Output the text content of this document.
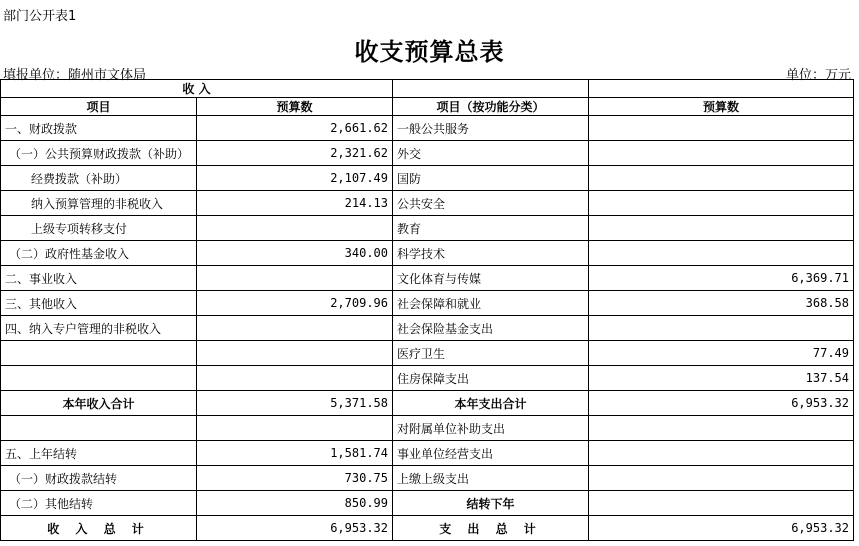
部门公开表1
收支预算总表
填报单位：随州市文体局	单位：万元
收 入			
项目	预算数	项目（按功能分类）	预算数
一、财政拨款	2,661.62	一般公共服务	
（一）公共预算财政拨款（补助）	2,321.62	外交	
经费拨款（补助）	2,107.49	国防	
纳入预算管理的非税收入	214.13	公共安全	
上级专项转移支付		教育	
（二）政府性基金收入	340.00	科学技术	
二、事业收入		文化体育与传媒	6,369.71
三、其他收入	2,709.96	社会保障和就业	368.58
四、纳入专户管理的非税收入		社会保险基金支出	
		医疗卫生	77.49
		住房保障支出	137.54
本年收入合计	5,371.58	本年支出合计	6,953.32
		对附属单位补助支出	
五、上年结转	1,581.74	事业单位经营支出	
（一）财政拨款结转	730.75	上缴上级支出	
（二）其他结转	850.99	结转下年	
收 入 总 计	6,953.32	支 出 总 计	6,953.32
